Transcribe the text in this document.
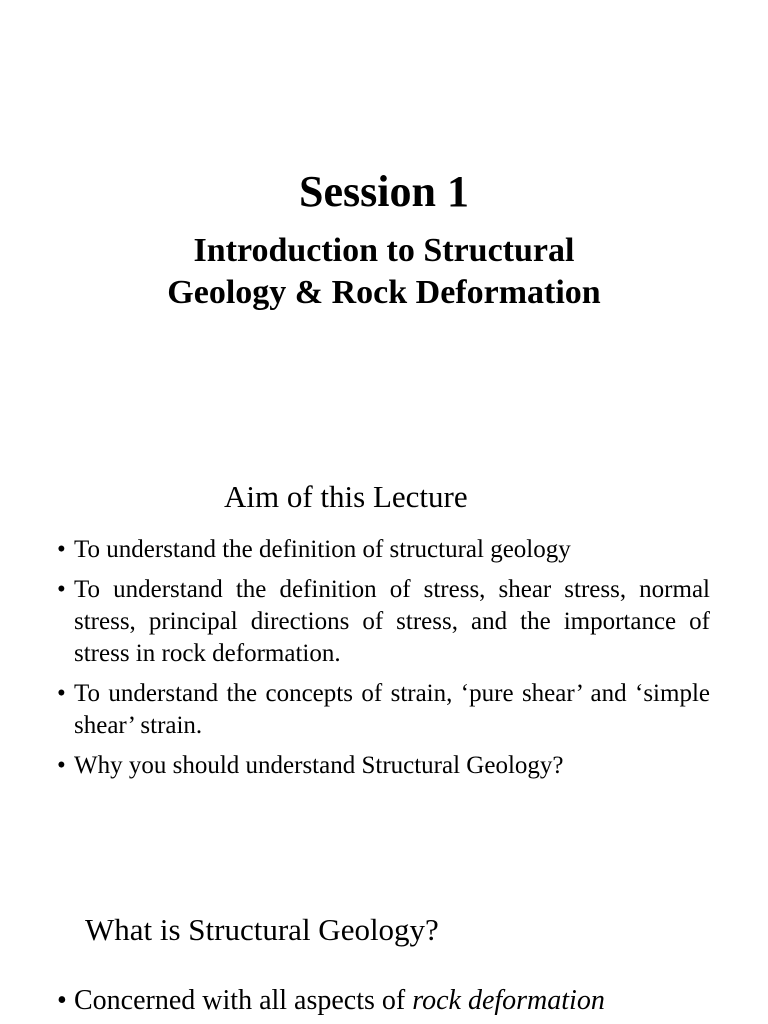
Session 1
Introduction to Structural
Geology & Rock Deformation
Aim of this Lecture
• To understand the definition of structural geology
• To understand the definition of stress, shear stress, normal stress, principal directions of stress, and the importance of stress in rock deformation.
• To understand the concepts of strain, ‘pure shear’ and ‘simple shear’ strain.
• Why you should understand Structural Geology?
What is Structural Geology?
• Concerned with all aspects of rock deformation
